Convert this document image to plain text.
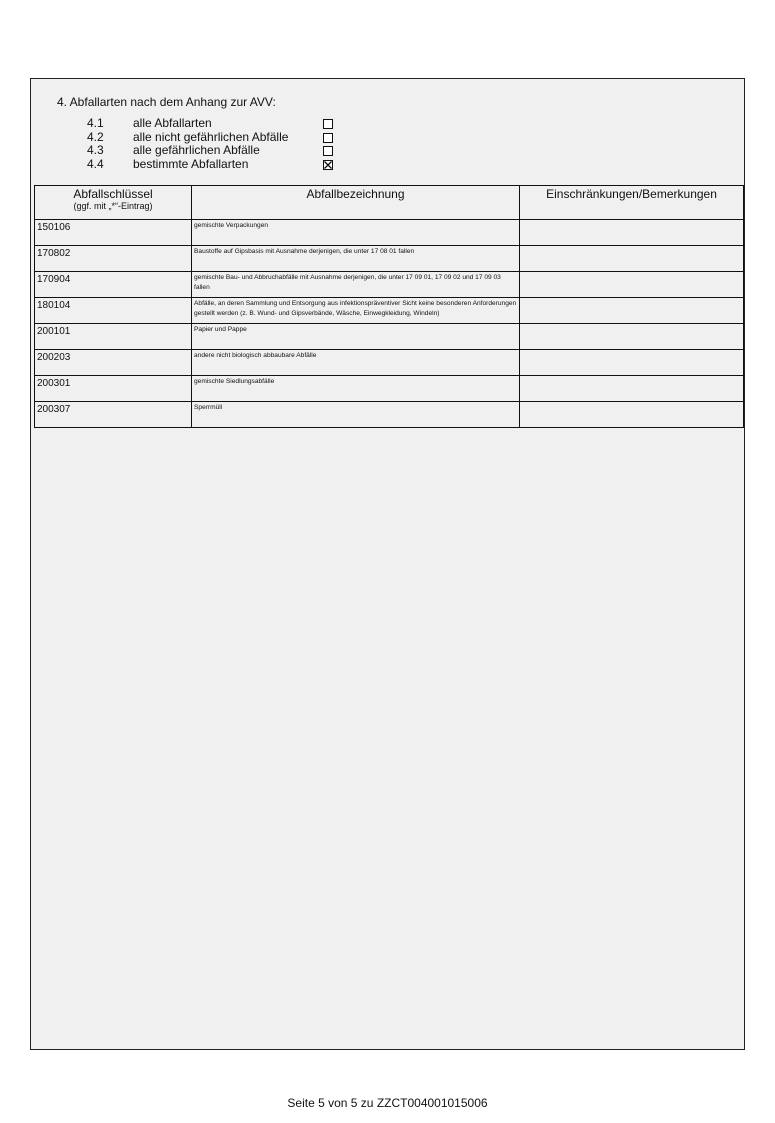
4. Abfallarten nach dem Anhang zur AVV:
4.1 alle Abfallarten
4.2 alle nicht gefährlichen Abfälle
4.3 alle gefährlichen Abfälle
4.4 bestimmte Abfallarten
Abfallschlüssel
(ggf. mit „*“-Eintrag)	Abfallbezeichnung	Einschränkungen/Bemerkungen

150106	gemischte Verpackungen	

170802	Baustoffe auf Gipsbasis mit Ausnahme derjenigen, die unter 17 08 01 fallen	

170904	gemischte Bau- und Abbruchabfälle mit Ausnahme derjenigen, die unter 17 09 01, 17 09 02 und 17 09 03 fallen	

180104	Abfälle, an deren Sammlung und Entsorgung aus infektionspräventiver Sicht keine besonderen Anforderungen gestellt werden (z. B. Wund- und Gipsverbände, Wäsche, Einwegkleidung, Windeln)	

200101	Papier und Pappe	

200203	andere nicht biologisch abbaubare Abfälle	

200301	gemischte Siedlungsabfälle	

200307	Sperrmüll	

Seite 5 von 5 zu ZZCT004001015006
